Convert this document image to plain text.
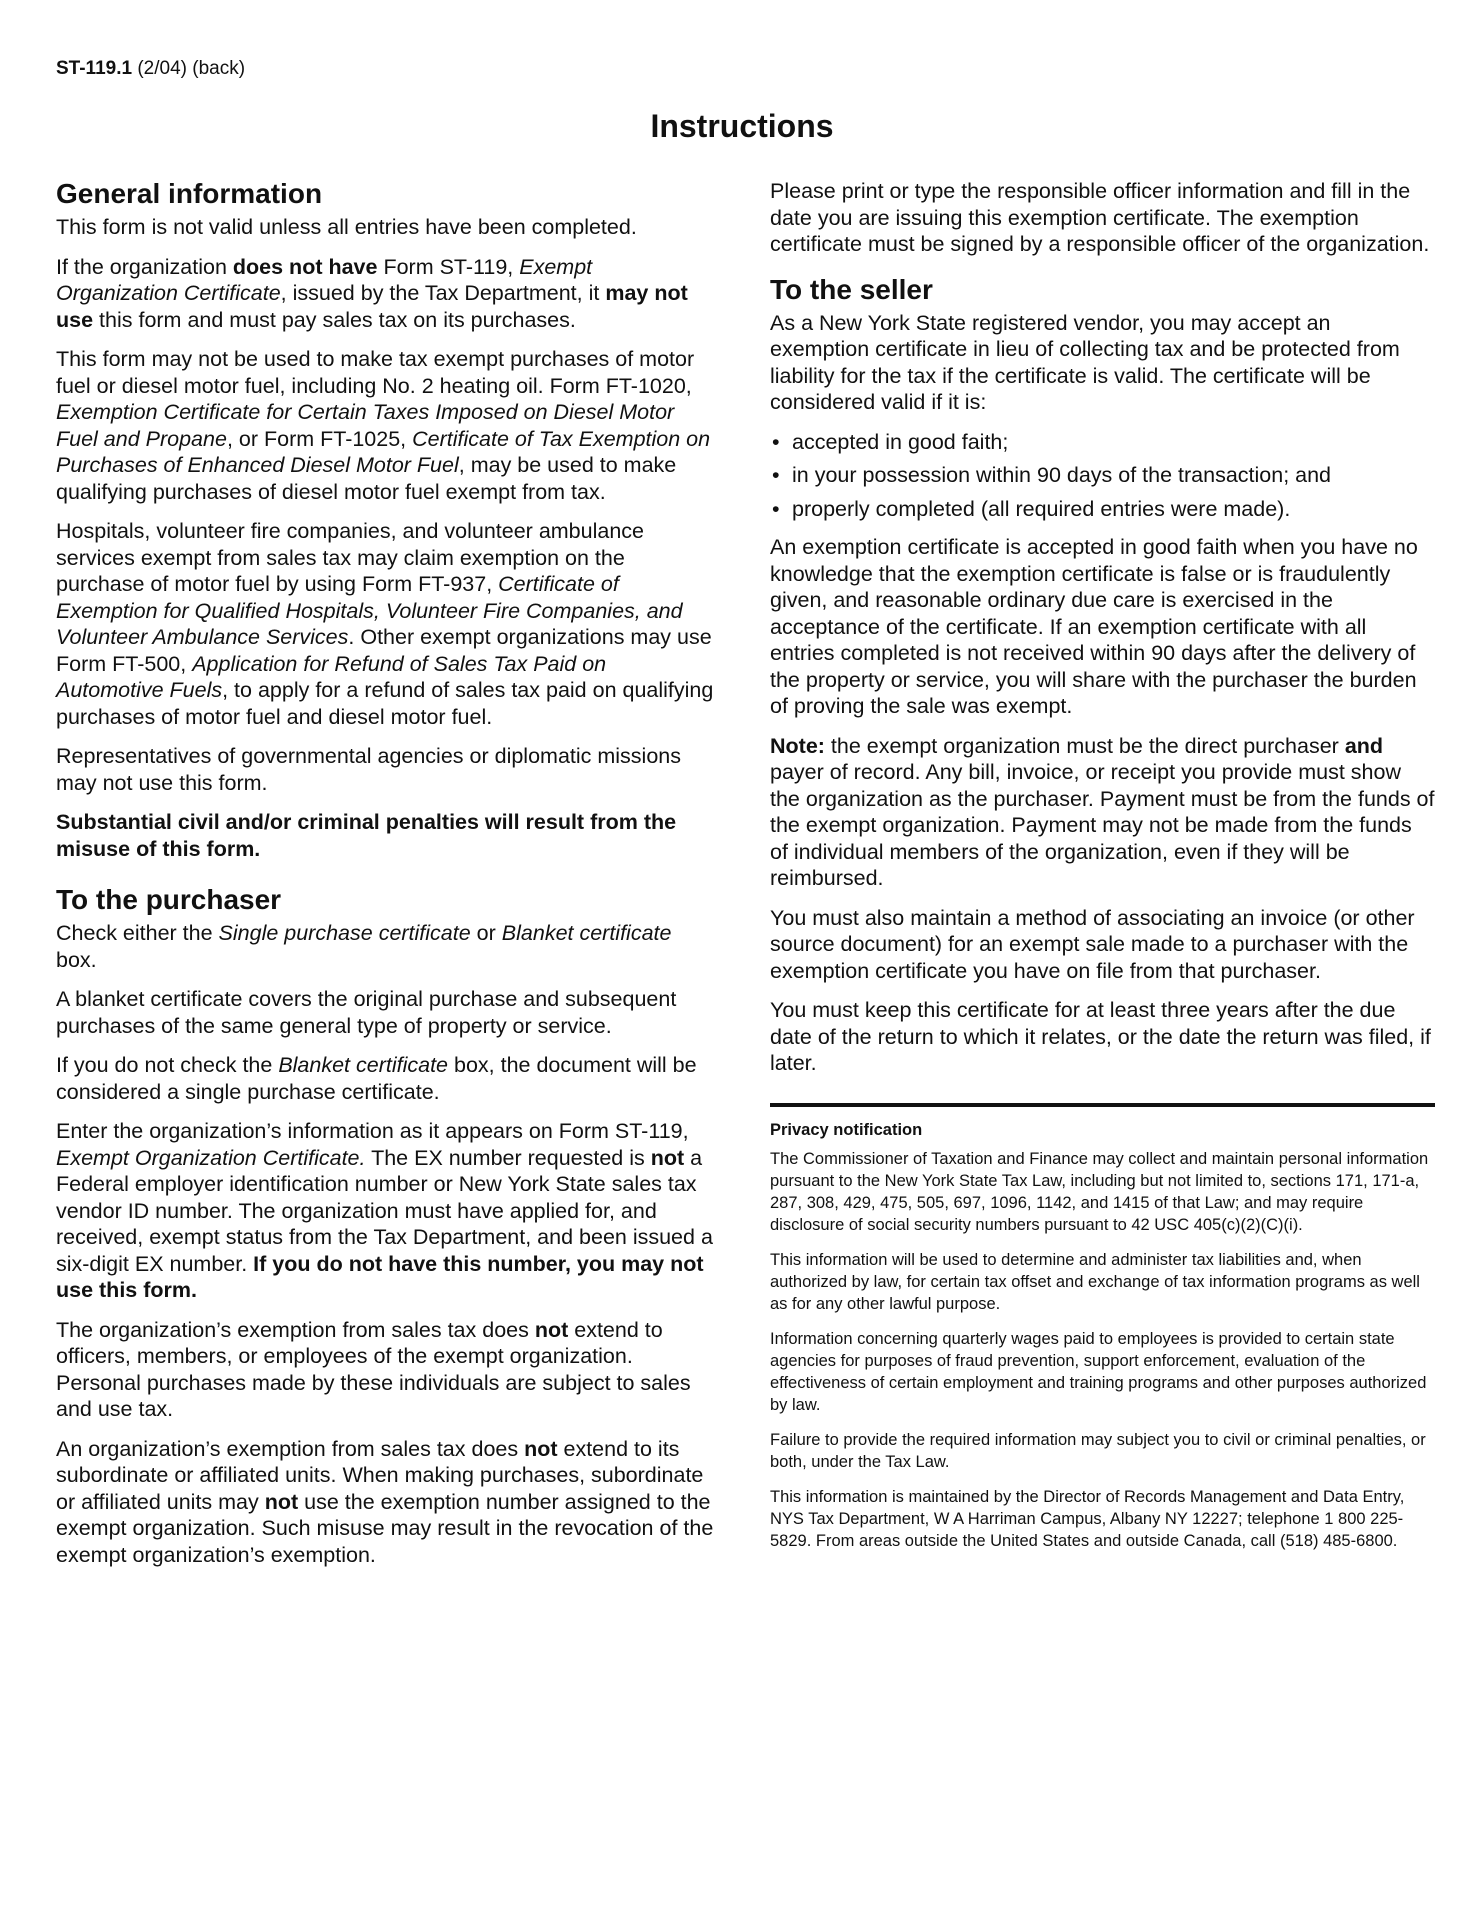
ST-119.1 (2/04) (back)
Instructions
General information

This form is not valid unless all entries have been completed.

If the organization does not have Form ST-119, Exempt Organization Certificate, issued by the Tax Department, it may not use this form and must pay sales tax on its purchases.

This form may not be used to make tax exempt purchases of motor fuel or diesel motor fuel, including No. 2 heating oil. Form FT-1020, Exemption Certificate for Certain Taxes Imposed on Diesel Motor Fuel and Propane, or Form FT-1025, Certificate of Tax Exemption on Purchases of Enhanced Diesel Motor Fuel, may be used to make qualifying purchases of diesel motor fuel exempt from tax.

Hospitals, volunteer fire companies, and volunteer ambulance services exempt from sales tax may claim exemption on the purchase of motor fuel by using Form FT-937, Certificate of Exemption for Qualified Hospitals, Volunteer Fire Companies, and Volunteer Ambulance Services. Other exempt organizations may use Form FT-500, Application for Refund of Sales Tax Paid on Automotive Fuels, to apply for a refund of sales tax paid on qualifying purchases of motor fuel and diesel motor fuel.

Representatives of governmental agencies or diplomatic missions may not use this form.

Substantial civil and/or criminal penalties will result from the misuse of this form.

To the purchaser

Check either the Single purchase certificate or Blanket certificate box.

A blanket certificate covers the original purchase and subsequent purchases of the same general type of property or service.

If you do not check the Blanket certificate box, the document will be considered a single purchase certificate.

Enter the organization’s information as it appears on Form ST-119, Exempt Organization Certificate. The EX number requested is not a Federal employer identification number or New York State sales tax vendor ID number. The organization must have applied for, and received, exempt status from the Tax Department, and been issued a six-digit EX number. If you do not have this number, you may not use this form.

The organization’s exemption from sales tax does not extend to officers, members, or employees of the exempt organization. Personal purchases made by these individuals are subject to sales and use tax.

An organization’s exemption from sales tax does not extend to its subordinate or affiliated units. When making purchases, subordinate or affiliated units may not use the exemption number assigned to the exempt organization. Such misuse may result in the revocation of the exempt organization’s exemption.

Please print or type the responsible officer information and fill in the date you are issuing this exemption certificate. The exemption certificate must be signed by a responsible officer of the organization.

To the seller

As a New York State registered vendor, you may accept an exemption certificate in lieu of collecting tax and be protected from liability for the tax if the certificate is valid. The certificate will be considered valid if it is:

• accepted in good faith;
• in your possession within 90 days of the transaction; and
• properly completed (all required entries were made).

An exemption certificate is accepted in good faith when you have no knowledge that the exemption certificate is false or is fraudulently given, and reasonable ordinary due care is exercised in the acceptance of the certificate. If an exemption certificate with all entries completed is not received within 90 days after the delivery of the property or service, you will share with the purchaser the burden of proving the sale was exempt.

Note: the exempt organization must be the direct purchaser and payer of record. Any bill, invoice, or receipt you provide must show the organization as the purchaser. Payment must be from the funds of the exempt organization. Payment may not be made from the funds of individual members of the organization, even if they will be reimbursed.

You must also maintain a method of associating an invoice (or other source document) for an exempt sale made to a purchaser with the exemption certificate you have on file from that purchaser.

You must keep this certificate for at least three years after the due date of the return to which it relates, or the date the return was filed, if later.

Privacy notification

The Commissioner of Taxation and Finance may collect and maintain personal information pursuant to the New York State Tax Law, including but not limited to, sections 171, 171-a, 287, 308, 429, 475, 505, 697, 1096, 1142, and 1415 of that Law; and may require disclosure of social security numbers pursuant to 42 USC 405(c)(2)(C)(i).

This information will be used to determine and administer tax liabilities and, when authorized by law, for certain tax offset and exchange of tax information programs as well as for any other lawful purpose.

Information concerning quarterly wages paid to employees is provided to certain state agencies for purposes of fraud prevention, support enforcement, evaluation of the effectiveness of certain employment and training programs and other purposes authorized by law.

Failure to provide the required information may subject you to civil or criminal penalties, or both, under the Tax Law.

This information is maintained by the Director of Records Management and Data Entry, NYS Tax Department, W A Harriman Campus, Albany NY 12227; telephone 1 800 225-5829. From areas outside the United States and outside Canada, call (518) 485-6800.
